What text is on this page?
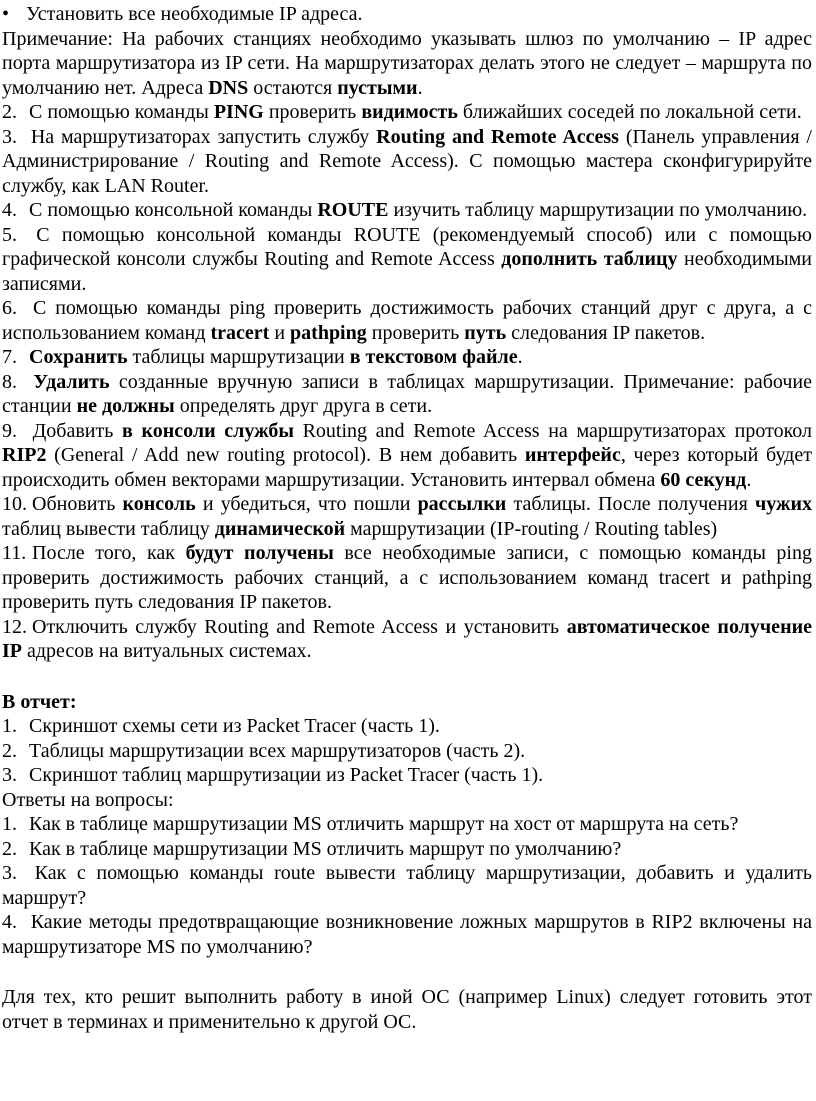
• Установить все необходимые IP адреса.

Примечание: На рабочих станциях необходимо указывать шлюз по умолчанию – IP адрес порта маршрутизатора из IP сети. На маршрутизаторах делать этого не следует – маршрута по умолчанию нет. Адреса DNS остаются пустыми.

2. С помощью команды PING проверить видимость ближайших соседей по локальной сети.

3. На маршрутизаторах запустить службу Routing and Remote Access (Панель управления / Администрирование / Routing and Remote Access). С помощью мастера сконфигурируйте службу, как LAN Router.

4. С помощью консольной команды ROUTE изучить таблицу маршрутизации по умолчанию.

5. С помощью консольной команды ROUTE (рекомендуемый способ) или с помощью графической консоли службы Routing and Remote Access дополнить таблицу необходимыми записями.

6. С помощью команды ping проверить достижимость рабочих станций друг с друга, а с использованием команд tracert и pathping проверить путь следования IP пакетов.

7. Сохранить таблицы маршрутизации в текстовом файле.

8. Удалить созданные вручную записи в таблицах маршрутизации. Примечание: рабочие станции не должны определять друг друга в сети.

9. Добавить в консоли службы Routing and Remote Access на маршрутизаторах протокол RIP2 (General / Add new routing protocol). В нем добавить интерфейс, через который будет происходить обмен векторами маршрутизации. Установить интервал обмена 60 секунд.

10. Обновить консоль и убедиться, что пошли рассылки таблицы. После получения чужих таблиц вывести таблицу динамической маршрутизации (IP-routing / Routing tables)

11. После того, как будут получены все необходимые записи, с помощью команды ping проверить достижимость рабочих станций, а с использованием команд tracert и pathping проверить путь следования IP пакетов.

12. Отключить службу Routing and Remote Access и установить автоматическое получение IP адресов на витуальных системах.

В отчет:

1. Скриншот схемы сети из Packet Tracer (часть 1).

2. Таблицы маршрутизации всех маршрутизаторов (часть 2).

3. Скриншот таблиц маршрутизации из Packet Tracer (часть 1).

Ответы на вопросы:

1. Как в таблице маршрутизации MS отличить маршрут на хост от маршрута на сеть?

2. Как в таблице маршрутизации MS отличить маршрут по умолчанию?

3. Как с помощью команды route вывести таблицу маршрутизации, добавить и удалить маршрут?

4. Какие методы предотвращающие возникновение ложных маршрутов в RIP2 включены на маршрутизаторе MS по умолчанию?

Для тех, кто решит выполнить работу в иной ОС (например Linux) следует готовить этот отчет в терминах и применительно к другой ОС.
